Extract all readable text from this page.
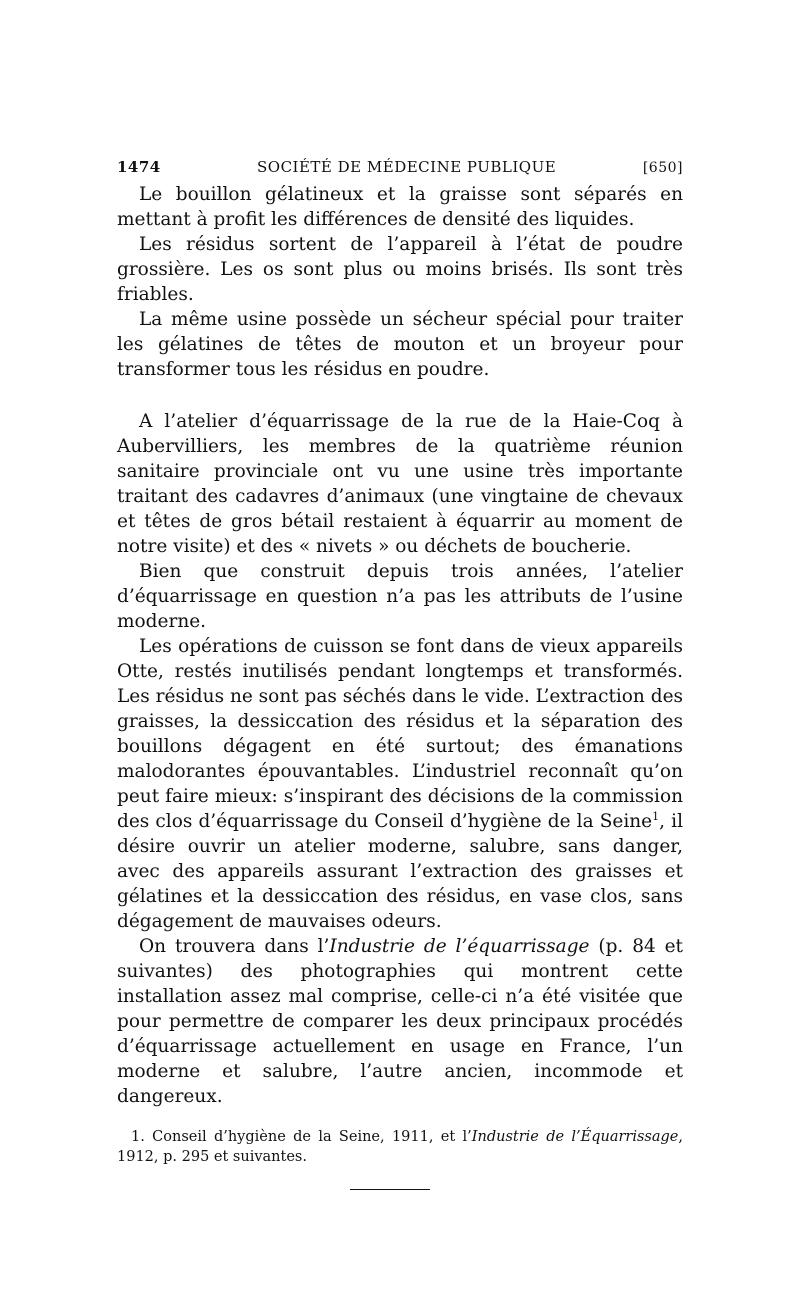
1474	SOCIÉTÉ DE MÉDECINE PUBLIQUE	[650]

Le bouillon gélatineux et la graisse sont séparés en mettant à profit les différences de densité des liquides.

Les résidus sortent de l’appareil à l’état de poudre grossière. Les os sont plus ou moins brisés. Ils sont très friables.

La même usine possède un sécheur spécial pour traiter les gélatines de têtes de mouton et un broyeur pour transformer tous les résidus en poudre.

A l’atelier d’équarrissage de la rue de la Haie-Coq à Aubervilliers, les membres de la quatrième réunion sanitaire provinciale ont vu une usine très importante traitant des cadavres d’animaux (une vingtaine de chevaux et têtes de gros bétail restaient à équarrir au moment de notre visite) et des « nivets » ou déchets de boucherie.

Bien que construit depuis trois années, l’atelier d’équarrissage en question n’a pas les attributs de l’usine moderne.

Les opérations de cuisson se font dans de vieux appareils Otte, restés inutilisés pendant longtemps et transformés. Les résidus ne sont pas séchés dans le vide. L’extraction des graisses, la dessiccation des résidus et la séparation des bouillons dégagent en été surtout; des émanations malodorantes épouvantables. L’industriel reconnaît qu’on peut faire mieux: s’inspirant des décisions de la commission des clos d’équarrissage du Conseil d’hygiène de la Seine$^1$, il désire ouvrir un atelier moderne, salubre, sans danger, avec des appareils assurant l’extraction des graisses et gélatines et la dessiccation des résidus, en vase clos, sans dégagement de mauvaises odeurs.

On trouvera dans l’Industrie de l’équarrissage (p. 84 et suivantes) des photographies qui montrent cette installation assez mal comprise, celle-ci n’a été visitée que pour permettre de comparer les deux principaux procédés d’équarrissage actuellement en usage en France, l’un moderne et salubre, l’autre ancien, incommode et dangereux.

1. Conseil d’hygiène de la Seine, 1911, et l’Industrie de l’Équarrissage, 1912, p. 295 et suivantes.
